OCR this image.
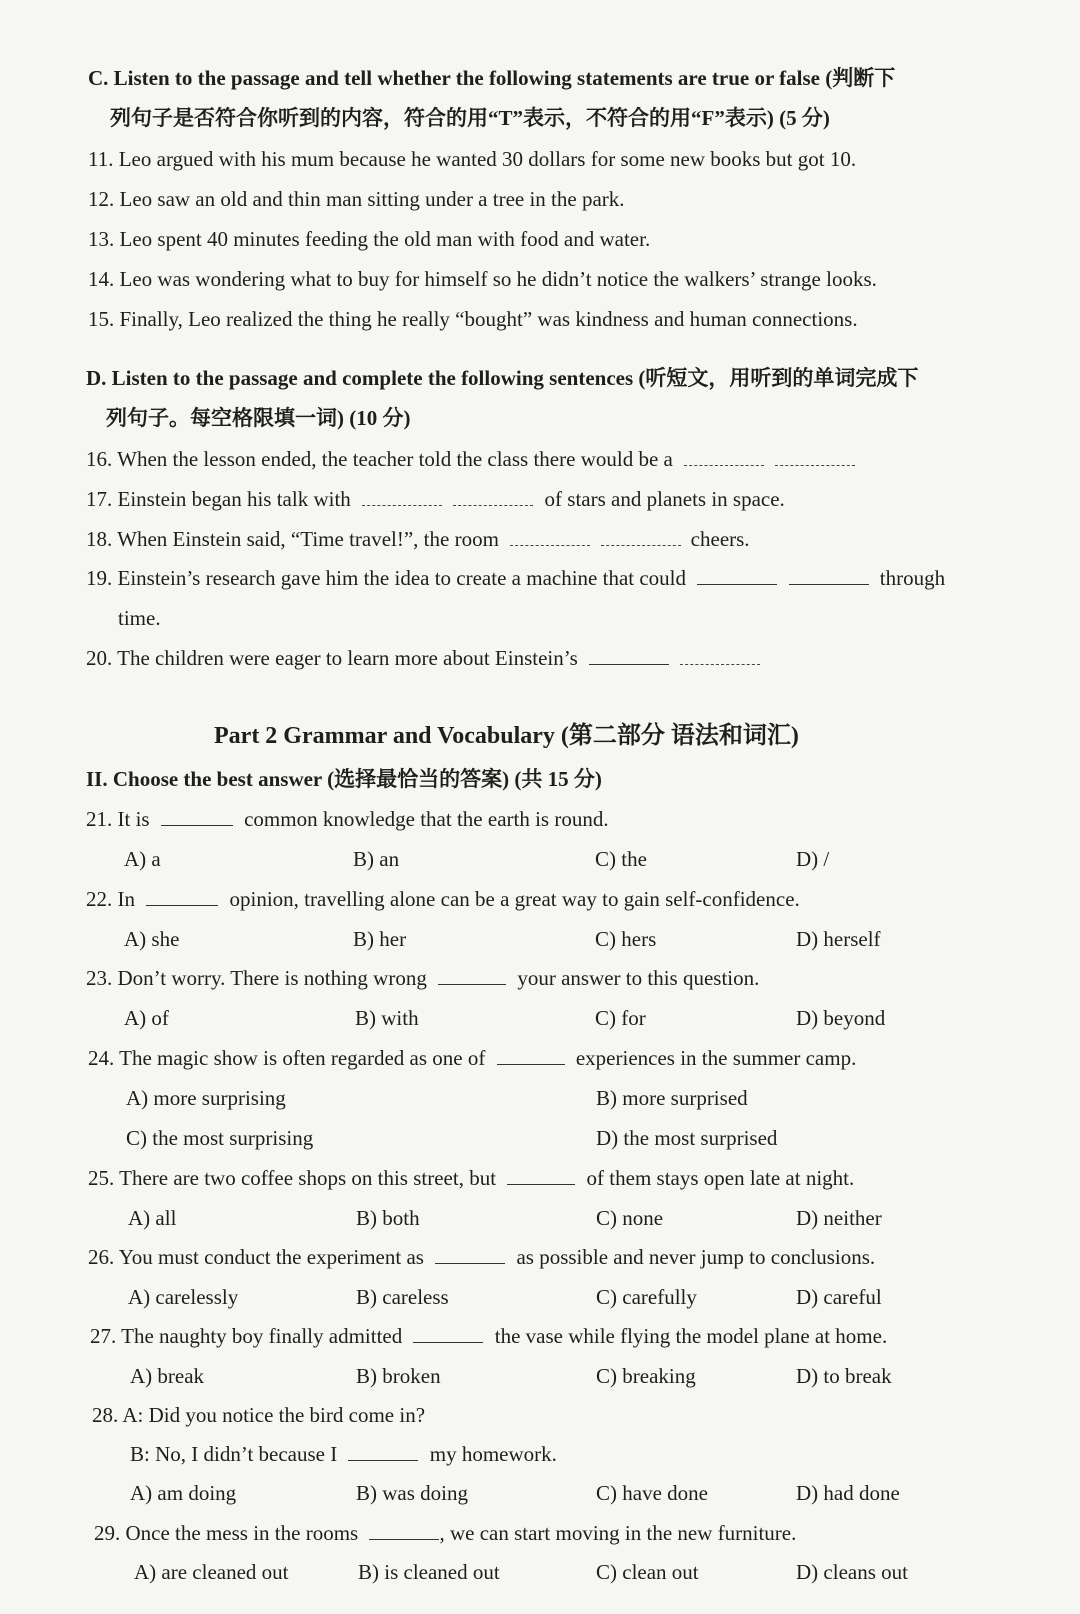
C. Listen to the passage and tell whether the following statements are true or false (判断下
列句子是否符合你听到的内容，符合的用“T”表示，不符合的用“F”表示) (5 分)
11. Leo argued with his mum because he wanted 30 dollars for some new books but got 10.
12. Leo saw an old and thin man sitting under a tree in the park.
13. Leo spent 40 minutes feeding the old man with food and water.
14. Leo was wondering what to buy for himself so he didn’t notice the walkers’ strange looks.
15. Finally, Leo realized the thing he really “bought” was kindness and human connections.
D. Listen to the passage and complete the following sentences (听短文，用听到的单词完成下
列句子。每空格限填一词) (10 分)
16. When the lesson ended, the teacher told the class there would be a
17. Einstein began his talk with	of stars and planets in space.
18. When Einstein said, “Time travel!”, the room	cheers.
19. Einstein’s research gave him the idea to create a machine that could	through
time.
20. The children were eager to learn more about Einstein’s
Part 2 Grammar and Vocabulary (第二部分 语法和词汇)
II. Choose the best answer (选择最恰当的答案) (共 15 分)
21. It is	common knowledge that the earth is round.
A) a	B) an	C) the	D) /
22. In	opinion, travelling alone can be a great way to gain self-confidence.
A) she	B) her	C) hers	D) herself
23. Don’t worry. There is nothing wrong	your answer to this question.
A) of	B) with	C) for	D) beyond
24. The magic show is often regarded as one of	experiences in the summer camp.
A) more surprising	B) more surprised
C) the most surprising	D) the most surprised
25. There are two coffee shops on this street, but	of them stays open late at night.
A) all	B) both	C) none	D) neither
26. You must conduct the experiment as	as possible and never jump to conclusions.
A) carelessly	B) careless	C) carefully	D) careful
27. The naughty boy finally admitted	the vase while flying the model plane at home.
A) break	B) broken	C) breaking	D) to break
28. A: Did you notice the bird come in?
B: No, I didn’t because I	my homework.
A) am doing	B) was doing	C) have done	D) had done
29. Once the mess in the rooms	, we can start moving in the new furniture.
A) are cleaned out	B) is cleaned out	C) clean out	D) cleans out
